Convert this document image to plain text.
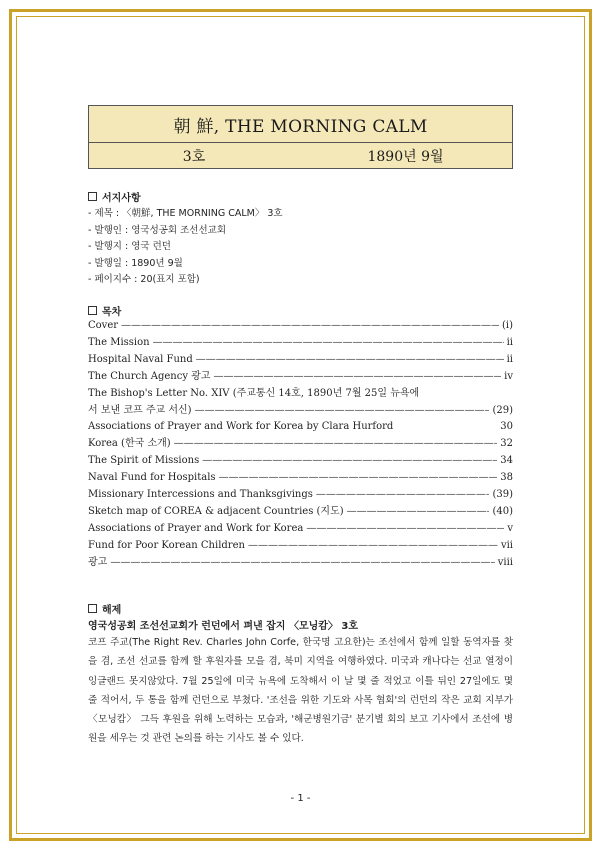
朝 鮮, THE MORNING CALM
3호	1890년 9월
서지사항
- 제목 : 〈朝鮮, THE MORNING CALM〉 3호
- 발행인 : 영국성공회 조선선교회
- 발행지 : 영국 런던
- 발행일 : 1890년 9월
- 페이지수 : 20(표지 포함)
목차
Cover —————	(i)
The Mission —————	ii
Hospital Naval Fund —————	ii
The Church Agency 광고 —————	iv
The Bishop's Letter No. XIV (주교통신 14호, 1890년 7월 25일 뉴욕에
서 보낸 코프 주교 서신) —————	(29)
Associations of Prayer and Work for Korea by Clara Hurford	30
Korea (한국 소개) —————	32
The Spirit of Missions —————	34
Naval Fund for Hospitals —————	38
Missionary Intercessions and Thanksgivings —————	(39)
Sketch map of COREA & adjacent Countries (지도) —————	(40)
Associations of Prayer and Work for Korea —————	v
Fund for Poor Korean Children —————	vii
광고 —————	viii
해제
영국성공회 조선선교회가 런던에서 펴낸 잡지 〈모닝캄〉 3호
코프 주교(The Right Rev. Charles John Corfe, 한국명 고요한)는 조선에서 함께 일할 동역자를 찾을 겸, 조선 선교를 함께 할 후원자를 모을 겸, 북미 지역을 여행하였다. 미국과 캐나다는 선교 열정이 잉글랜드 못지않았다. 7월 25일에 미국 뉴욕에 도착해서 이 날 몇 줄 적었고 이틀 뒤인 27일에도 몇 줄 적어서, 두 통을 함께 런던으로 부쳤다. '조선을 위한 기도와 사목 협회'의 런던의 작은 교회 지부가 〈모닝캄〉 그득 후원을 위해 노력하는 모습과, '해군병원기금' 분기별 회의 보고 기사에서 조선에 병원을 세우는 것 관련 논의를 하는 기사도 볼 수 있다.
- 1 -
